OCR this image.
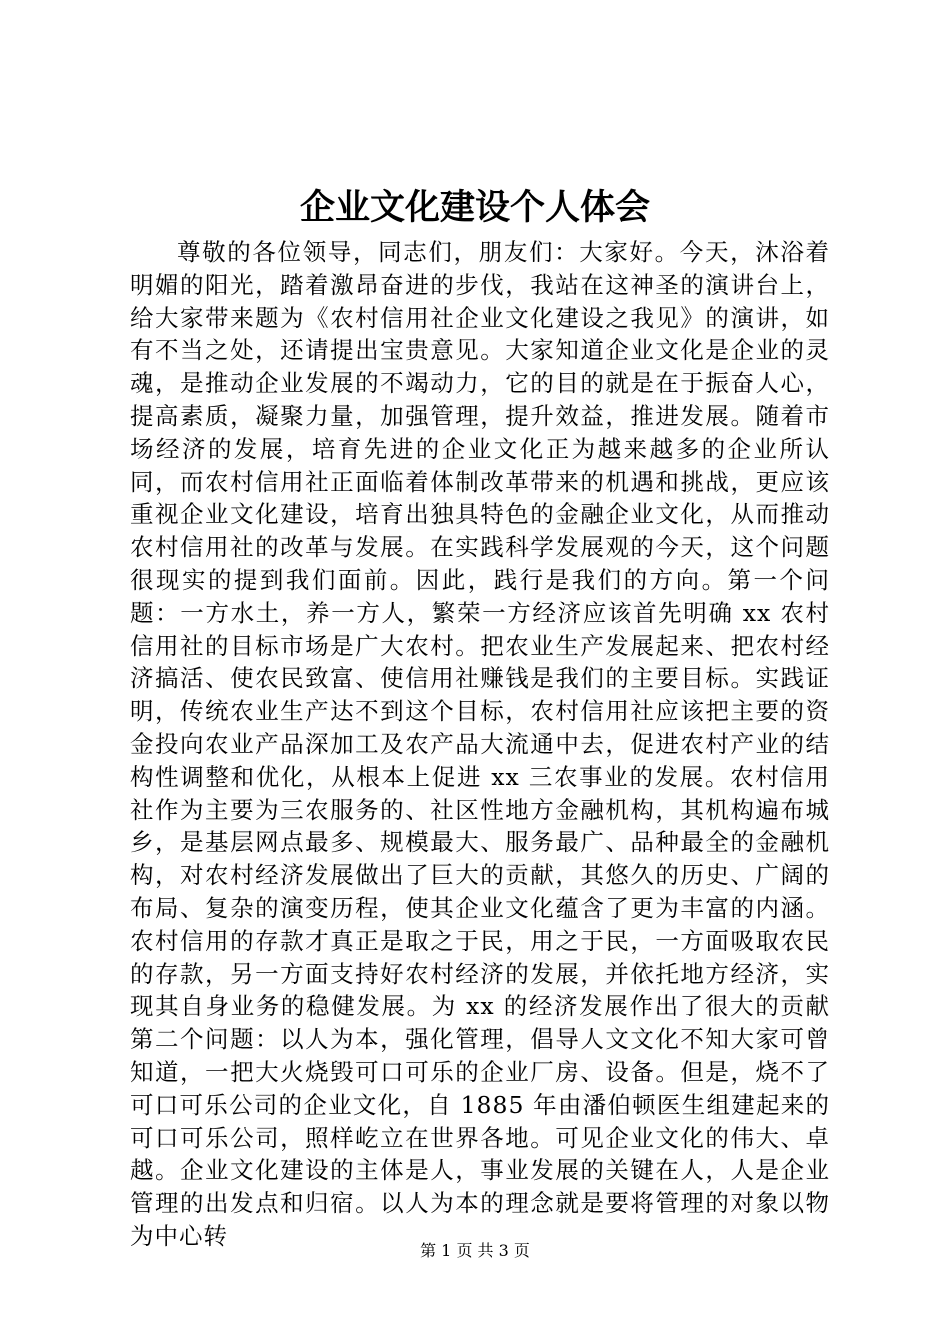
企业文化建设个人体会

尊敬的各位领导，同志们，朋友们：大家好。今天，沐浴着明媚的阳光，踏着激昂奋进的步伐，我站在这神圣的演讲台上，给大家带来题为《农村信用社企业文化建设之我见》的演讲，如有不当之处，还请提出宝贵意见。大家知道企业文化是企业的灵魂，是推动企业发展的不竭动力，它的目的就是在于振奋人心，提高素质，凝聚力量，加强管理，提升效益，推进发展。随着市场经济的发展，培育先进的企业文化正为越来越多的企业所认同，而农村信用社正面临着体制改革带来的机遇和挑战，更应该重视企业文化建设，培育出独具特色的金融企业文化，从而推动农村信用社的改革与发展。在实践科学发展观的今天，这个问题很现实的提到我们面前。因此，践行是我们的方向。第一个问题：一方水土，养一方人，繁荣一方经济应该首先明确 xx 农村信用社的目标市场是广大农村。把农业生产发展起来、把农村经济搞活、使农民致富、使信用社赚钱是我们的主要目标。实践证明，传统农业生产达不到这个目标，农村信用社应该把主要的资金投向农业产品深加工及农产品大流通中去，促进农村产业的结构性调整和优化，从根本上促进 xx 三农事业的发展。农村信用社作为主要为三农服务的、社区性地方金融机构，其机构遍布城乡，是基层网点最多、规模最大、服务最广、品种最全的金融机构，对农村经济发展做出了巨大的贡献，其悠久的历史、广阔的布局、复杂的演变历程，使其企业文化蕴含了更为丰富的内涵。农村信用的存款才真正是取之于民，用之于民，一方面吸取农民的存款，另一方面支持好农村经济的发展，并依托地方经济，实现其自身业务的稳健发展。为 xx 的经济发展作出了很大的贡献第二个问题：以人为本，强化管理，倡导人文文化不知大家可曾知道，一把大火烧毁可口可乐的企业厂房、设备。但是，烧不了可口可乐公司的企业文化，自 1885 年由潘伯顿医生组建起来的可口可乐公司，照样屹立在世界各地。可见企业文化的伟大、卓越。企业文化建设的主体是人，事业发展的关键在人，人是企业管理的出发点和归宿。以人为本的理念就是要将管理的对象以物为中心转

第 1 页 共 3 页
